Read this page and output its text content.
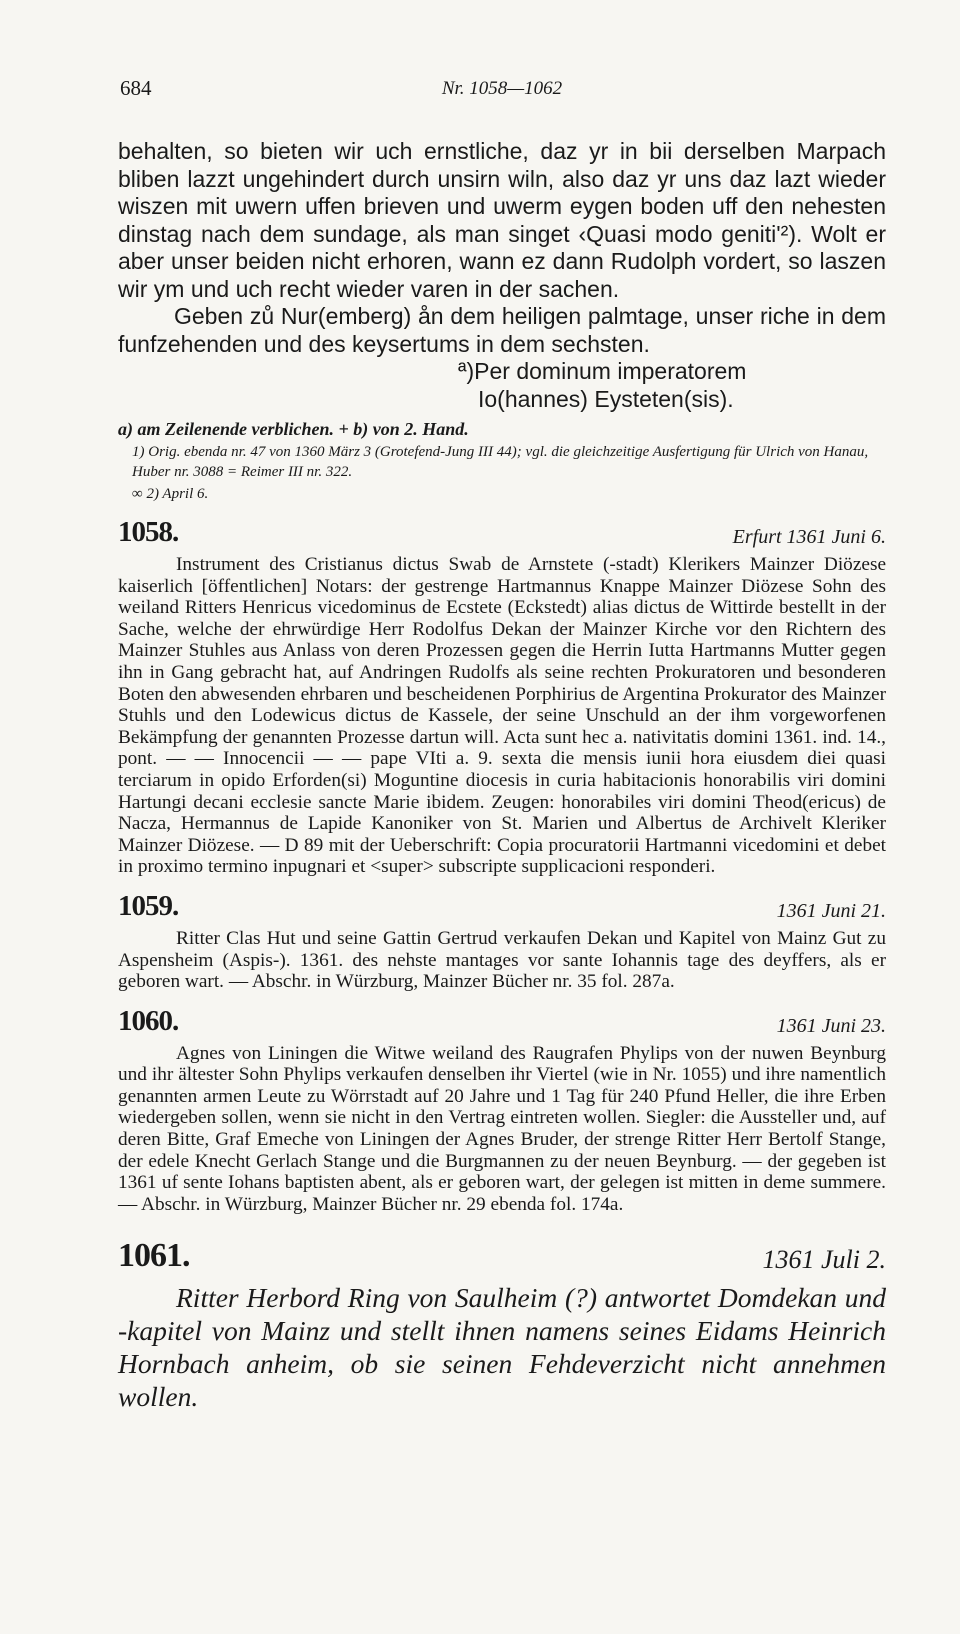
684	Nr. 1058—1062

behalten, so bieten wir uch ernstliche, daz yr in bii derselben Marpach bliben lazzt ungehindert durch unsirn wiln, also daz yr uns daz lazt wieder wiszen mit uwern uffen brieven und uwerm eygen boden uff den nehesten dinstag nach dem sundage, als man singet ‹Quasi modo geniti'²). Wolt er aber unser beiden nicht erhoren, wann ez dann Rudolph vordert, so laszen wir ym und uch recht wieder varen in der sachen.

Geben zů Nur(emberg) ån dem heiligen palmtage, unser riche in dem funfzehenden und des keysertums in dem sechsten.

ª)Per dominum imperatorem

Io(hannes) Eysteten(sis).

a) am Zeilenende verblichen. + b) von 2. Hand.

1) Orig. ebenda nr. 47 von 1360 März 3 (Grotefend-Jung III 44); vgl. die gleichzeitige Ausfertigung für Ulrich von Hanau, Huber nr. 3088 = Reimer III nr. 322.

∞ 2) April 6.

1058.	Erfurt 1361 Juni 6.

Instrument des Cristianus dictus Swab de Arnstete (-stadt) Klerikers Mainzer Diözese kaiserlich [öffentlichen] Notars: der gestrenge Hartmannus Knappe Mainzer Diözese Sohn des weiland Ritters Henricus vicedominus de Ecstete (Eckstedt) alias dictus de Wittirde bestellt in der Sache, welche der ehrwürdige Herr Rodolfus Dekan der Mainzer Kirche vor den Richtern des Mainzer Stuhles aus Anlass von deren Prozessen gegen die Herrin Iutta Hartmanns Mutter gegen ihn in Gang gebracht hat, auf Andringen Rudolfs als seine rechten Prokuratoren und besonderen Boten den abwesenden ehrbaren und bescheidenen Porphirius de Argentina Prokurator des Mainzer Stuhls und den Lodewicus dictus de Kassele, der seine Unschuld an der ihm vorgeworfenen Bekämpfung der genannten Prozesse dartun will. Acta sunt hec a. nativitatis domini 1361. ind. 14., pont. — — Innocencii — — pape VIti a. 9. sexta die mensis iunii hora eiusdem diei quasi terciarum in opido Erforden(si) Moguntine diocesis in curia habitacionis honorabilis viri domini Hartungi decani ecclesie sancte Marie ibidem. Zeugen: honorabiles viri domini Theod(ericus) de Nacza, Hermannus de Lapide Kanoniker von St. Marien und Albertus de Archivelt Kleriker Mainzer Diözese. — D 89 mit der Ueberschrift: Copia procuratorii Hartmanni vicedomini et debet in proximo termino inpugnari et <super> subscripte supplicacioni responderi.

1059.	1361 Juni 21.

Ritter Clas Hut und seine Gattin Gertrud verkaufen Dekan und Kapitel von Mainz Gut zu Aspensheim (Aspis-). 1361. des nehste mantages vor sante Iohannis tage des deyffers, als er geboren wart. — Abschr. in Würzburg, Mainzer Bücher nr. 35 fol. 287a.

1060.	1361 Juni 23.

Agnes von Liningen die Witwe weiland des Raugrafen Phylips von der nuwen Beynburg und ihr ältester Sohn Phylips verkaufen denselben ihr Viertel (wie in Nr. 1055) und ihre namentlich genannten armen Leute zu Wörrstadt auf 20 Jahre und 1 Tag für 240 Pfund Heller, die ihre Erben wiedergeben sollen, wenn sie nicht in den Vertrag eintreten wollen. Siegler: die Aussteller und, auf deren Bitte, Graf Emeche von Liningen der Agnes Bruder, der strenge Ritter Herr Bertolf Stange, der edele Knecht Gerlach Stange und die Burgmannen zu der neuen Beynburg. — der gegeben ist 1361 uf sente Iohans baptisten abent, als er geboren wart, der gelegen ist mitten in deme summere. — Abschr. in Würzburg, Mainzer Bücher nr. 29 ebenda fol. 174a.

1061.	1361 Juli 2.

Ritter Herbord Ring von Saulheim (?) antwortet Domdekan und -kapitel von Mainz und stellt ihnen namens seines Eidams Heinrich Hornbach anheim, ob sie seinen Fehdeverzicht nicht annehmen wollen.
